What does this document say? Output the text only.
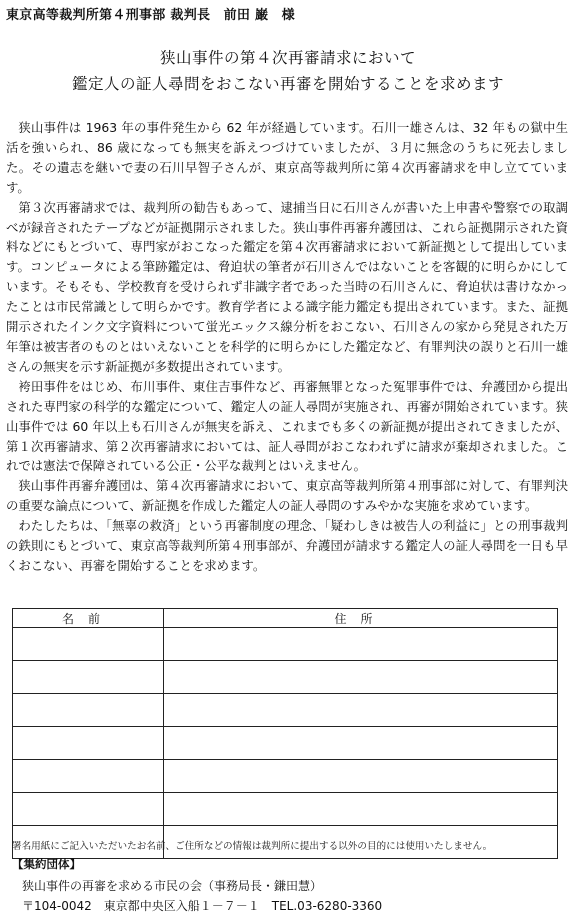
東京高等裁判所第４刑事部 裁判長　前田 巌　様
狭山事件の第４次再審請求において
鑑定人の証人尋問をおこない再審を開始することを求めます

狭山事件は 1963 年の事件発生から 62 年が経過しています。石川一雄さんは、32 年もの獄中生活を強いられ、86 歳になっても無実を訴えつづけていましたが、３月に無念のうちに死去しました。その遺志を継いで妻の石川早智子さんが、東京高等裁判所に第４次再審請求を申し立てています。

第３次再審請求では、裁判所の勧告もあって、逮捕当日に石川さんが書いた上申書や警察での取調べが録音されたテープなどが証拠開示されました。狭山事件再審弁護団は、これら証拠開示された資料などにもとづいて、専門家がおこなった鑑定を第４次再審請求において新証拠として提出しています。コンピュータによる筆跡鑑定は、脅迫状の筆者が石川さんではないことを客観的に明らかにしています。そもそも、学校教育を受けられず非識字者であった当時の石川さんに、脅迫状は書けなかったことは市民常識として明らかです。教育学者による識字能力鑑定も提出されています。また、証拠開示されたインク文字資料について蛍光エックス線分析をおこない、石川さんの家から発見された万年筆は被害者のものとはいえないことを科学的に明らかにした鑑定など、有罪判決の誤りと石川一雄さんの無実を示す新証拠が多数提出されています。

袴田事件をはじめ、布川事件、東住吉事件など、再審無罪となった冤罪事件では、弁護団から提出された専門家の科学的な鑑定について、鑑定人の証人尋問が実施され、再審が開始されています。狭山事件では 60 年以上も石川さんが無実を訴え、これまでも多くの新証拠が提出されてきましたが、第１次再審請求、第２次再審請求においては、証人尋問がおこなわれずに請求が棄却されました。これでは憲法で保障されている公正・公平な裁判とはいえません。

狭山事件再審弁護団は、第４次再審請求において、東京高等裁判所第４刑事部に対して、有罪判決の重要な論点について、新証拠を作成した鑑定人の証人尋問のすみやかな実施を求めています。

わたしたちは、「無辜の救済」という再審制度の理念、「疑わしきは被告人の利益に」との刑事裁判の鉄則にもとづいて、東京高等裁判所第４刑事部が、弁護団が請求する鑑定人の証人尋問を一日も早くおこない、再審を開始することを求めます。

名前	住所

署名用紙にご記入いただいたお名前、ご住所などの情報は裁判所に提出する以外の目的には使用いたしません。
【集約団体】
狭山事件の再審を求める市民の会（事務局長・鎌田慧）
〒104-0042　東京都中央区入船１－７－１　TEL.03-6280-3360
